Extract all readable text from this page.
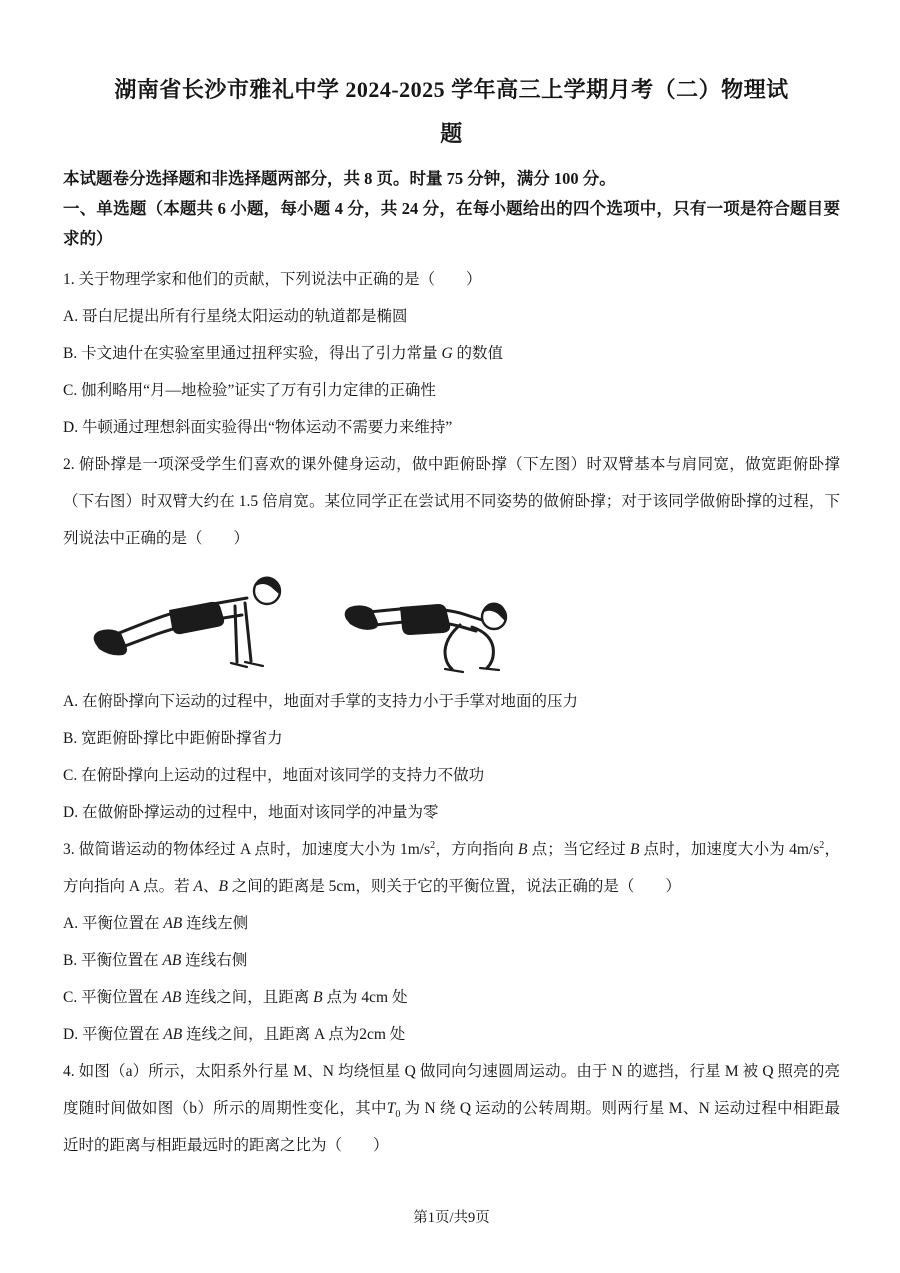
湖南省长沙市雅礼中学 2024-2025 学年高三上学期月考（二）物理试
题

本试题卷分选择题和非选择题两部分，共 8 页。时量 75 分钟，满分 100 分。

一、单选题（本题共 6 小题，每小题 4 分，共 24 分，在每小题给出的四个选项中，只有一项是符合题目要求的）

1. 关于物理学家和他们的贡献，下列说法中正确的是（　　）

A. 哥白尼提出所有行星绕太阳运动的轨道都是椭圆

B. 卡文迪什在实验室里通过扭秤实验，得出了引力常量 G 的数值

C. 伽利略用“月—地检验”证实了万有引力定律的正确性

D. 牛顿通过理想斜面实验得出“物体运动不需要力来维持”

2. 俯卧撑是一项深受学生们喜欢的课外健身运动，做中距俯卧撑（下左图）时双臂基本与肩同宽，做宽距俯卧撑（下右图）时双臂大约在 1.5 倍肩宽。某位同学正在尝试用不同姿势的做俯卧撑；对于该同学做俯卧撑的过程，下列说法中正确的是（　　）

A. 在俯卧撑向下运动的过程中，地面对手掌的支持力小于手掌对地面的压力

B. 宽距俯卧撑比中距俯卧撑省力

C. 在俯卧撑向上运动的过程中，地面对该同学的支持力不做功

D. 在做俯卧撑运动的过程中，地面对该同学的冲量为零

3. 做简谐运动的物体经过 A 点时，加速度大小为 $1m/s^2$，方向指向 B 点；当它经过 B 点时，加速度大小为 $4m/s^2$，方向指向 A 点。若 A、B 之间的距离是 5cm，则关于它的平衡位置，说法正确的是（　　）

A. 平衡位置在 AB 连线左侧

B. 平衡位置在 AB 连线右侧

C. 平衡位置在 AB 连线之间，且距离 B 点为 4cm 处

D. 平衡位置在 AB 连线之间，且距离 A 点为2cm 处

4. 如图（a）所示，太阳系外行星 M、N 均绕恒星 Q 做同向匀速圆周运动。由于 N 的遮挡，行星 M 被 Q 照亮的亮度随时间做如图（b）所示的周期性变化，其中$T_0$ 为 N 绕 Q 运动的公转周期。则两行星 M、N 运动过程中相距最近时的距离与相距最远时的距离之比为（　　）

第1页/共9页
